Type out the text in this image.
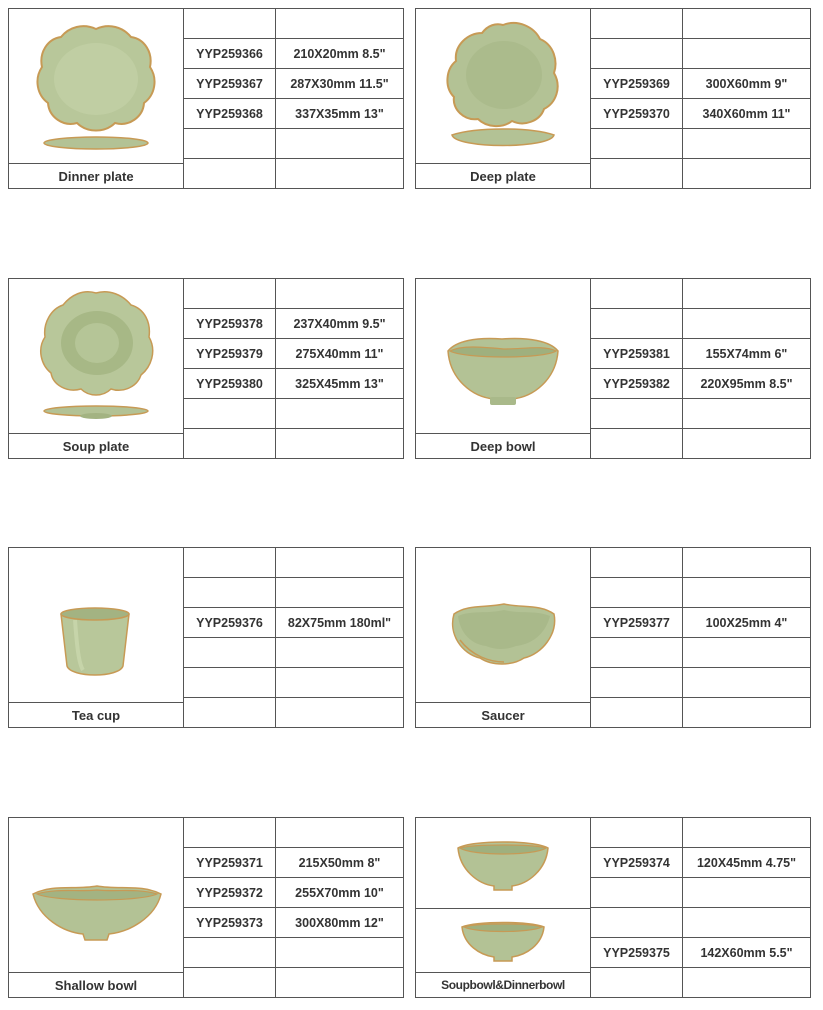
Dinner plate
YYP259366	210X20mm 8.5"
YYP259367	287X30mm 11.5"
YYP259368	337X35mm 13"
Deep plate
YYP259369	300X60mm 9"
YYP259370	340X60mm 11"
Soup plate
YYP259378	237X40mm 9.5"
YYP259379	275X40mm 11"
YYP259380	325X45mm 13"
Deep bowl
YYP259381	155X74mm 6"
YYP259382	220X95mm 8.5"
Tea cup
YYP259376	82X75mm 180ml"
Saucer
YYP259377	100X25mm 4"
Shallow bowl
YYP259371	215X50mm 8"
YYP259372	255X70mm 10"
YYP259373	300X80mm 12"
Soupbowl&Dinnerbowl
YYP259374	120X45mm 4.75"
YYP259375	142X60mm 5.5"
